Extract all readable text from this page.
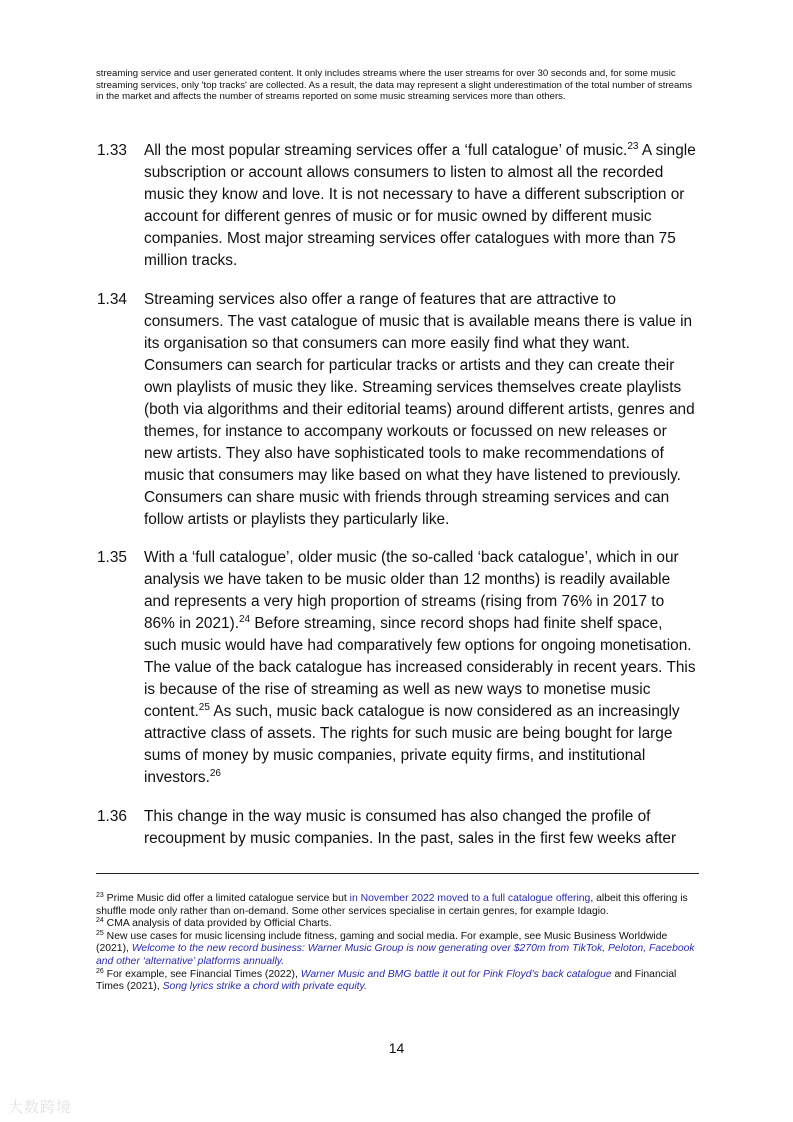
streaming service and user generated content. It only includes streams where the user streams for over 30 seconds and, for some music streaming services, only 'top tracks' are collected. As a result, the data may represent a slight underestimation of the total number of streams in the market and affects the number of streams reported on some music streaming services more than others.
1.33 All the most popular streaming services offer a ‘full catalogue’ of music.$^{23}$ A single subscription or account allows consumers to listen to almost all the recorded music they know and love. It is not necessary to have a different subscription or account for different genres of music or for music owned by different music companies. Most major streaming services offer catalogues with more than 75 million tracks.
1.34 Streaming services also offer a range of features that are attractive to consumers. The vast catalogue of music that is available means there is value in its organisation so that consumers can more easily find what they want. Consumers can search for particular tracks or artists and they can create their own playlists of music they like. Streaming services themselves create playlists (both via algorithms and their editorial teams) around different artists, genres and themes, for instance to accompany workouts or focussed on new releases or new artists. They also have sophisticated tools to make recommendations of music that consumers may like based on what they have listened to previously. Consumers can share music with friends through streaming services and can follow artists or playlists they particularly like.
1.35 With a ‘full catalogue’, older music (the so-called ‘back catalogue’, which in our analysis we have taken to be music older than 12 months) is readily available and represents a very high proportion of streams (rising from 76% in 2017 to 86% in 2021).$^{24}$ Before streaming, since record shops had finite shelf space, such music would have had comparatively few options for ongoing monetisation. The value of the back catalogue has increased considerably in recent years. This is because of the rise of streaming as well as new ways to monetise music content.$^{25}$ As such, music back catalogue is now considered as an increasingly attractive class of assets. The rights for such music are being bought for large sums of money by music companies, private equity firms, and institutional investors.$^{26}$
1.36 This change in the way music is consumed has also changed the profile of recoupment by music companies. In the past, sales in the first few weeks after
$^{23}$ Prime Music did offer a limited catalogue service but in November 2022 moved to a full catalogue offering, albeit this offering is shuffle mode only rather than on-demand. Some other services specialise in certain genres, for example Idagio.
$^{24}$ CMA analysis of data provided by Official Charts.
$^{25}$ New use cases for music licensing include fitness, gaming and social media. For example, see Music Business Worldwide (2021), Welcome to the new record business: Warner Music Group is now generating over $270m from TikTok, Peloton, Facebook and other ‘alternative’ platforms annually.
$^{26}$ For example, see Financial Times (2022), Warner Music and BMG battle it out for Pink Floyd’s back catalogue and Financial Times (2021), Song lyrics strike a chord with private equity.
14
大数跨境
